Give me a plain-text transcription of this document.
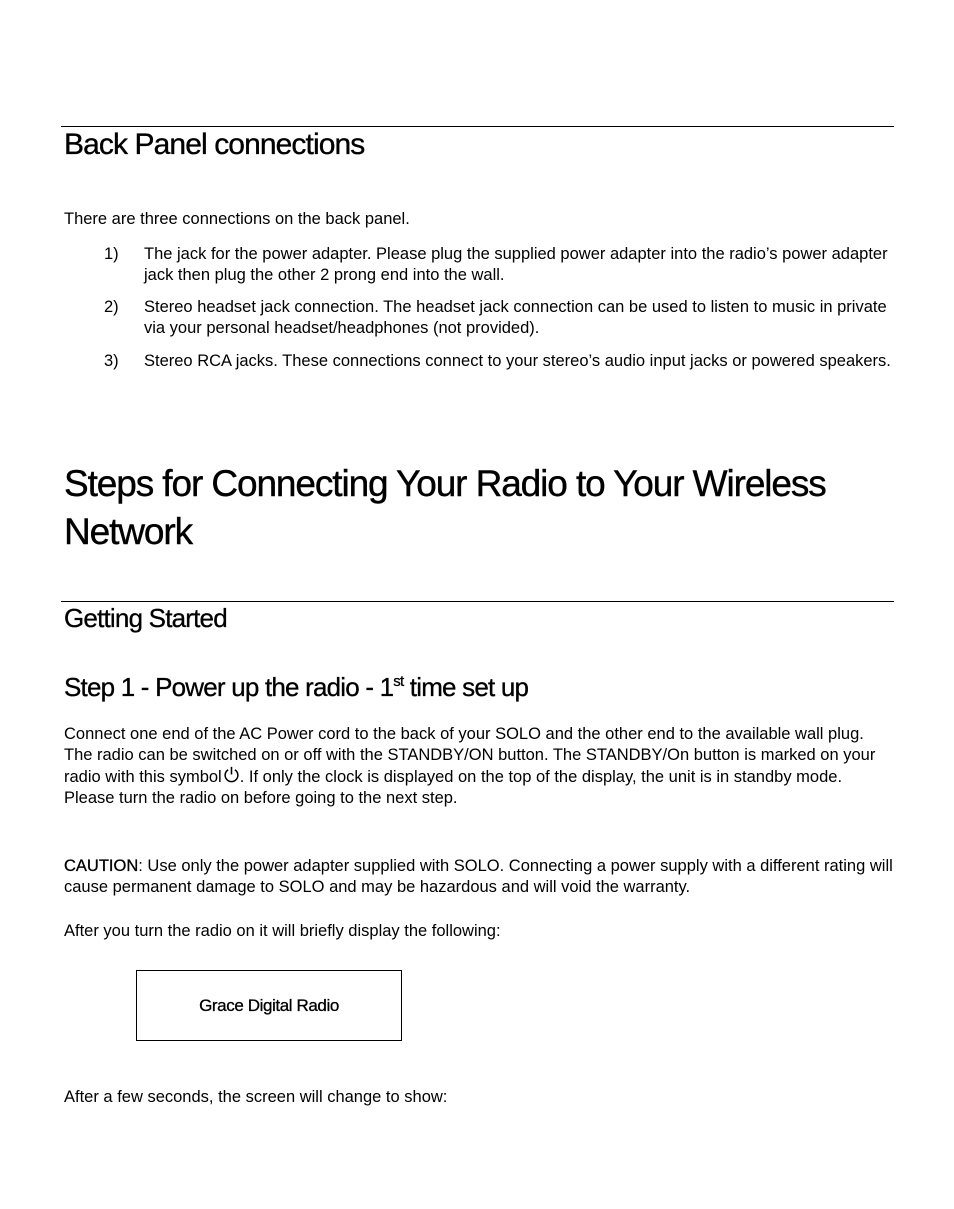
Back Panel connections

There are three connections on the back panel.

1) The jack for the power adapter. Please plug the supplied power adapter into the radio’s power adapter jack then plug the other 2 prong end into the wall.
2) Stereo headset jack connection. The headset jack connection can be used to listen to music in private via your personal headset/headphones (not provided).
3) Stereo RCA jacks. These connections connect to your stereo’s audio input jacks or powered speakers.
Steps for Connecting Your Radio to Your Wireless Network
Getting Started
Step 1 - Power up the radio - 1st time set up

Connect one end of the AC Power cord to the back of your SOLO and the other end to the available wall plug. The radio can be switched on or off with the STANDBY/ON button. The STANDBY/On button is marked on your radio with this symbol . If only the clock is displayed on the top of the display, the unit is in standby mode. Please turn the radio on before going to the next step.

CAUTION: Use only the power adapter supplied with SOLO. Connecting a power supply with a different rating will cause permanent damage to SOLO and may be hazardous and will void the warranty.

After you turn the radio on it will briefly display the following:

Grace Digital Radio

After a few seconds, the screen will change to show:
